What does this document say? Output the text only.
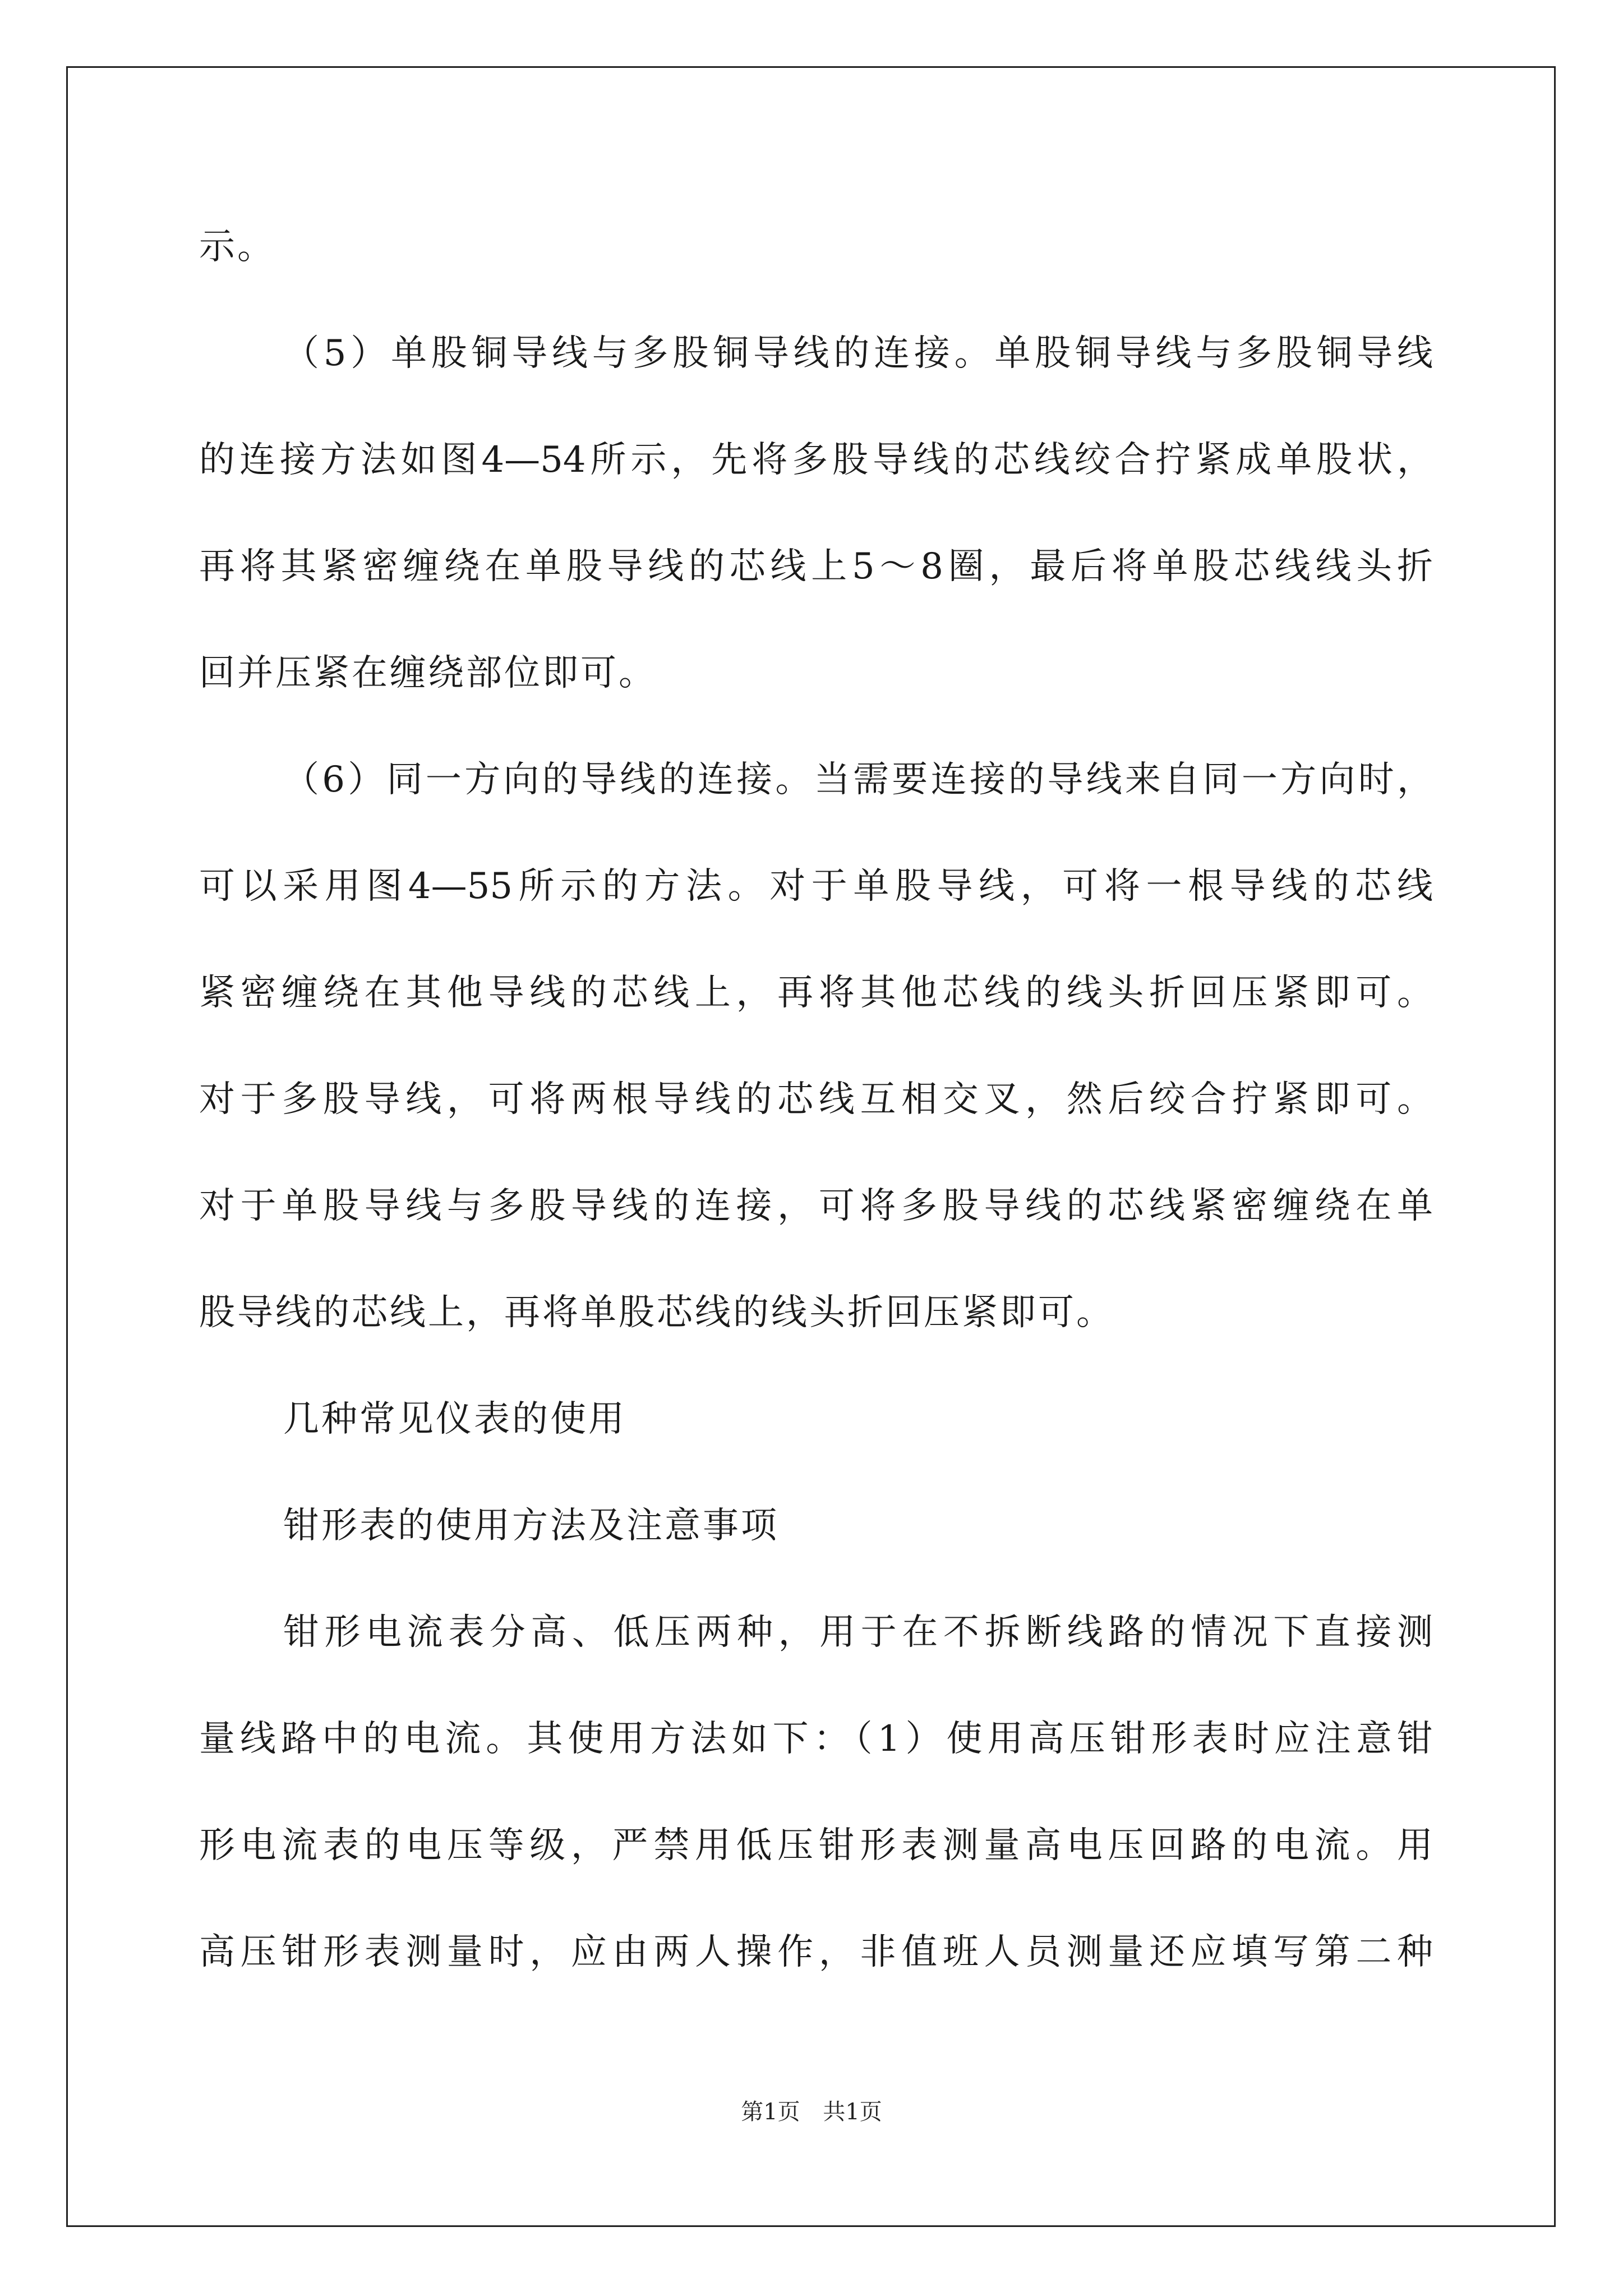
示。
（5）单股铜导线与多股铜导线的连接。单股铜导线与多股铜导线
的连接方法如图4—54所示，先将多股导线的芯线绞合拧紧成单股状，
再将其紧密缠绕在单股导线的芯线上5～8圈，最后将单股芯线线头折
回并压紧在缠绕部位即可。
（6）同一方向的导线的连接。当需要连接的导线来自同一方向时，
可以采用图4—55所示的方法。对于单股导线，可将一根导线的芯线
紧密缠绕在其他导线的芯线上，再将其他芯线的线头折回压紧即可。
对于多股导线，可将两根导线的芯线互相交叉，然后绞合拧紧即可。
对于单股导线与多股导线的连接，可将多股导线的芯线紧密缠绕在单
股导线的芯线上，再将单股芯线的线头折回压紧即可。
几种常见仪表的使用
钳形表的使用方法及注意事项
钳形电流表分高、低压两种，用于在不拆断线路的情况下直接测
量线路中的电流。其使用方法如下：（1）使用高压钳形表时应注意钳
形电流表的电压等级，严禁用低压钳形表测量高电压回路的电流。用
高压钳形表测量时，应由两人操作，非值班人员测量还应填写第二种
第1页 共1页
